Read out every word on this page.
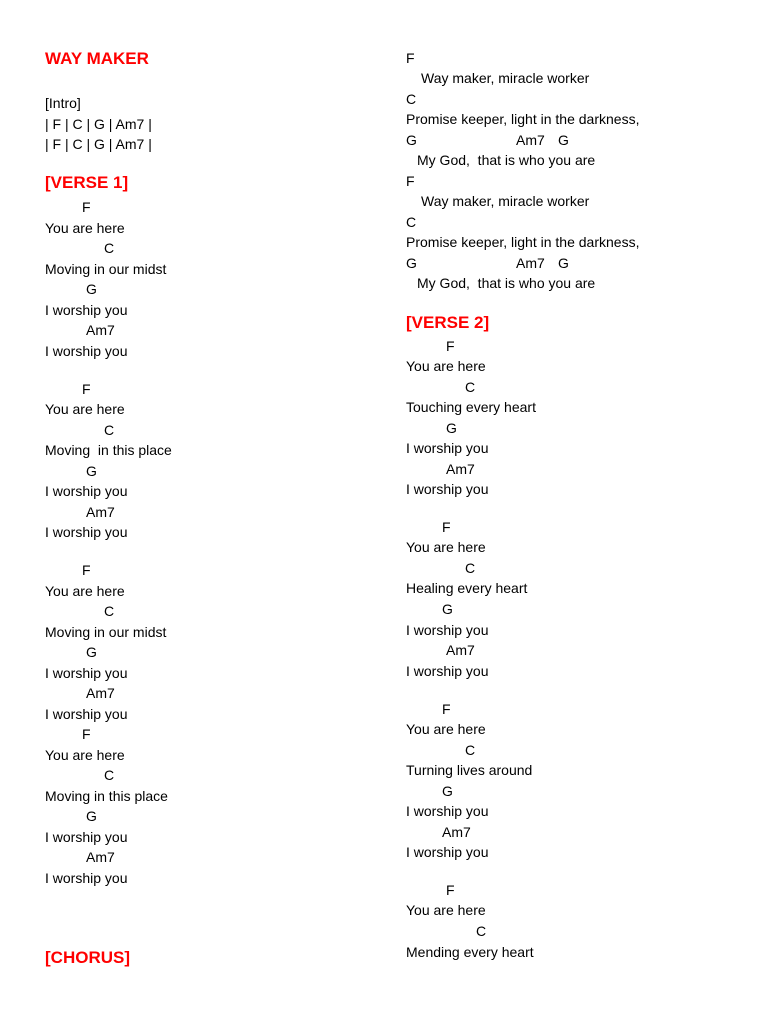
WAY MAKER
[Intro]
| F | C | G | Am7 |
| F | C | G | Am7 |
[VERSE 1]
F
You are here
C
Moving in our midst
G
I worship you
Am7
I worship you
F
You are here
C
Moving  in this place
G
I worship you
Am7
I worship you
F
You are here
C
Moving in our midst
G
I worship you
Am7
I worship you
F
You are here
C
Moving in this place
G
I worship you
Am7
I worship you
[CHORUS]
F
Way maker, miracle worker
C
Promise keeper, light in the darkness,
G	Am7 G
My God,  that is who you are
F
Way maker, miracle worker
C
Promise keeper, light in the darkness,
G	Am7 G
My God,  that is who you are
[VERSE 2]
F
You are here
C
Touching every heart
G
I worship you
Am7
I worship you
F
You are here
C
Healing every heart
G
I worship you
Am7
I worship you
F
You are here
C
Turning lives around
G
I worship you
Am7
I worship you
F
You are here
C
Mending every heart
